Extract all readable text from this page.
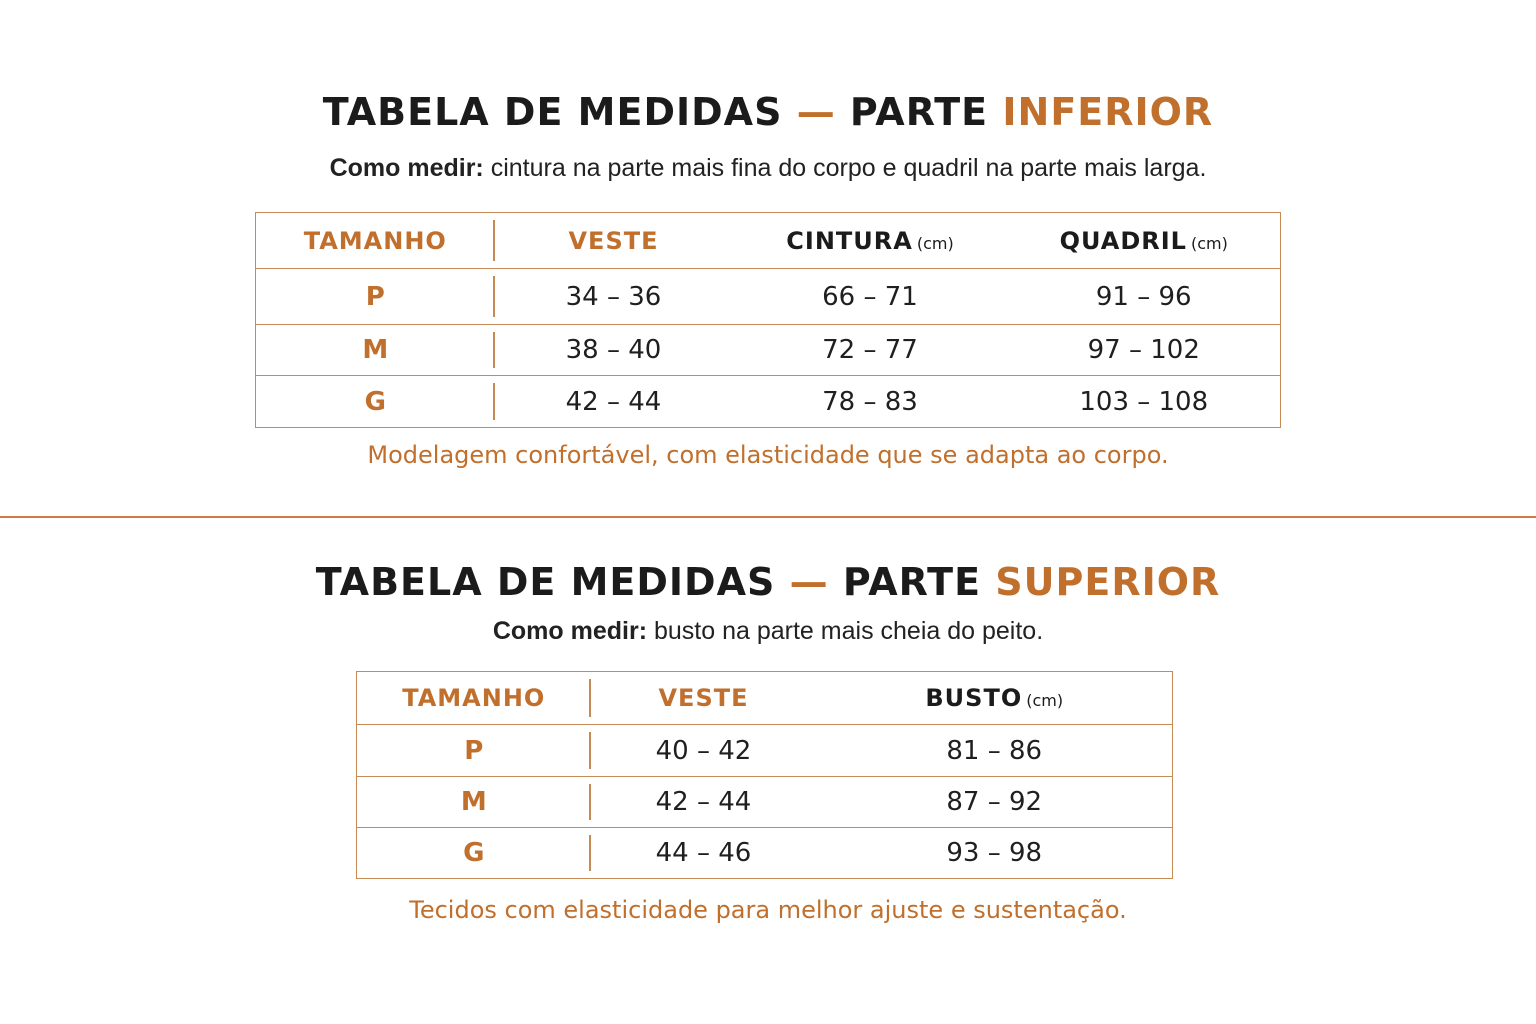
TABELA DE MEDIDAS — PARTE INFERIOR
Como medir: cintura na parte mais fina do corpo e quadril na parte mais larga.
TAMANHO	VESTE	CINTURA (cm)	QUADRIL (cm)
P	34 – 36	66 – 71	91 – 96
M	38 – 40	72 – 77	97 – 102
G	42 – 44	78 – 83	103 – 108
Modelagem confortável, com elasticidade que se adapta ao corpo.
TABELA DE MEDIDAS — PARTE SUPERIOR
Como medir: busto na parte mais cheia do peito.
TAMANHO	VESTE	BUSTO (cm)
P	40 – 42	81 – 86
M	42 – 44	87 – 92
G	44 – 46	93 – 98
Tecidos com elasticidade para melhor ajuste e sustentação.
